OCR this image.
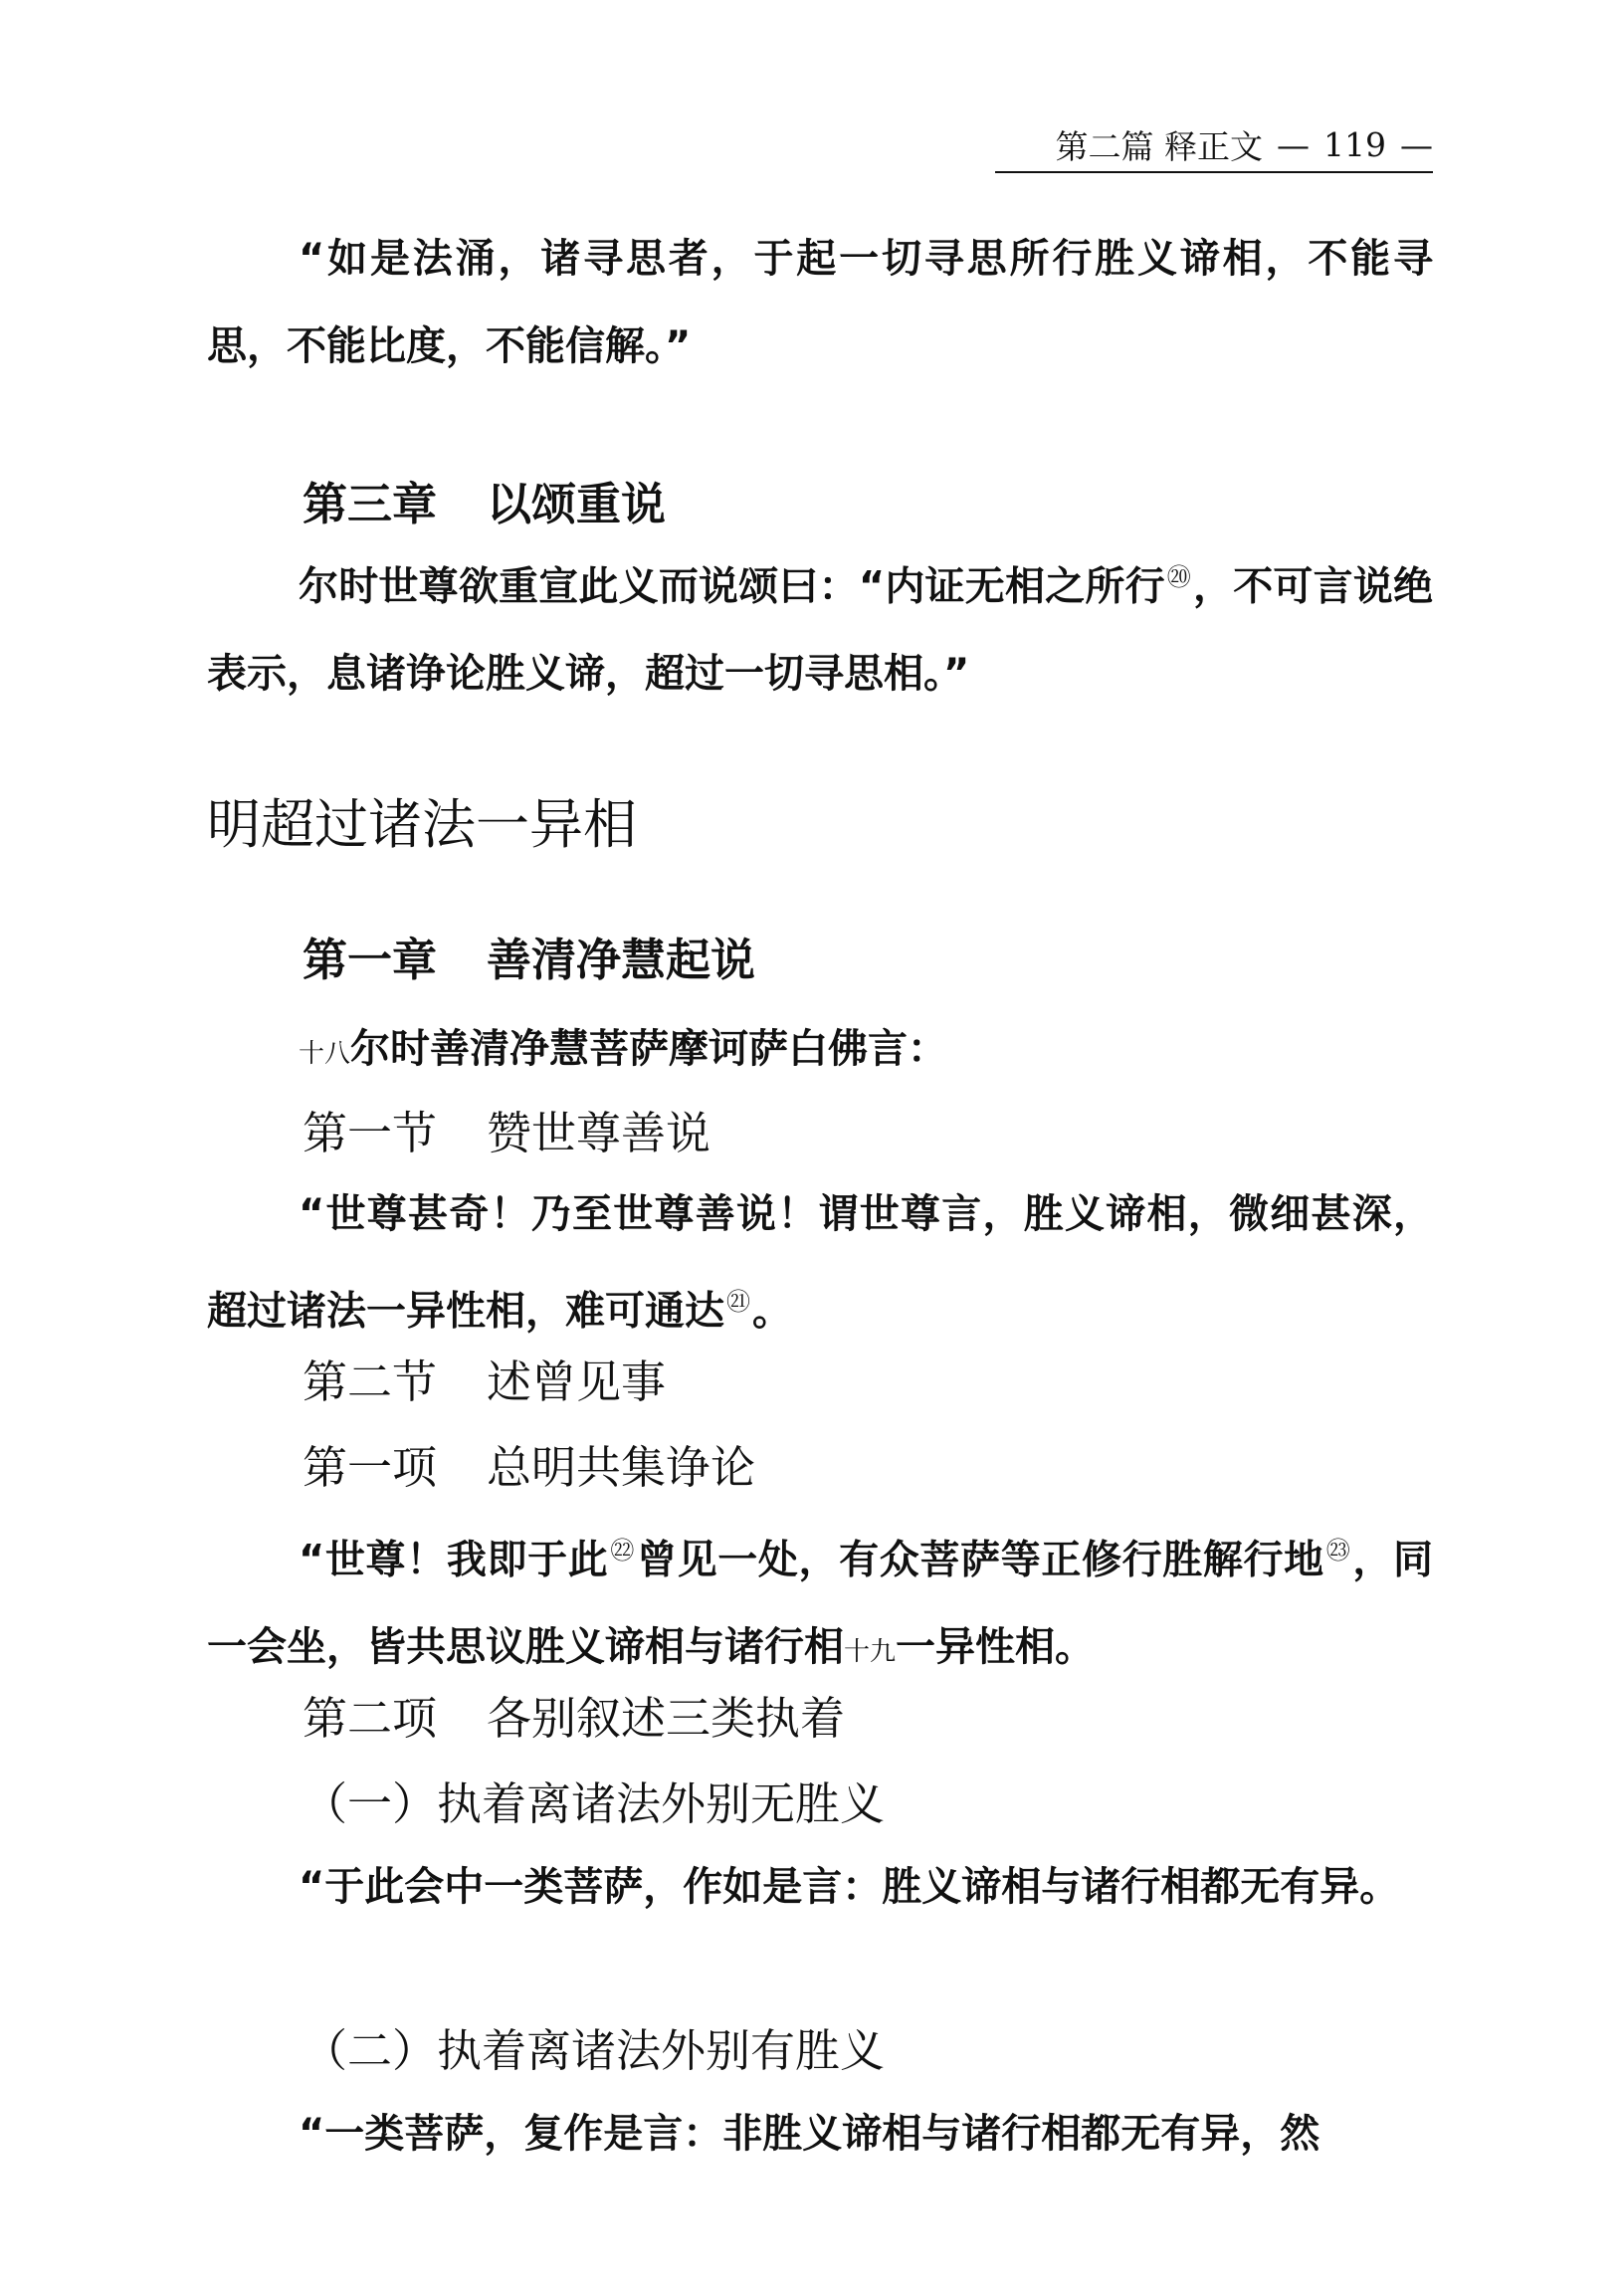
第二篇 释正文 — 119 —
“如是法涌，诸寻思者，于起一切寻思所行胜义谛相，不能寻思，不能比度，不能信解。”
第三章 以颂重说
尔时世尊欲重宣此义而说颂曰：“内证无相之所行⑳，不可言说绝表示，息诸诤论胜义谛，超过一切寻思相。”
明超过诸法一异相
第一章 善清净慧起说
十八尔时善清净慧菩萨摩诃萨白佛言：
第一节 赞世尊善说
“世尊甚奇！乃至世尊善说！谓世尊言，胜义谛相，微细甚深，超过诸法一异性相，难可通达$^㉑$。
第二节 述曾见事
第一项 总明共集诤论
“世尊！我即于此$^㉒$曾见一处，有众菩萨等正修行胜解行地$^㉓$，同一会坐，皆共思议胜义谛相与诸行相十九一异性相。
第二项 各别叙述三类执着
（一）执着离诸法外别无胜义
“于此会中一类菩萨，作如是言：胜义谛相与诸行相都无有异。
（二）执着离诸法外别有胜义
“一类菩萨，复作是言：非胜义谛相与诸行相都无有异，然
